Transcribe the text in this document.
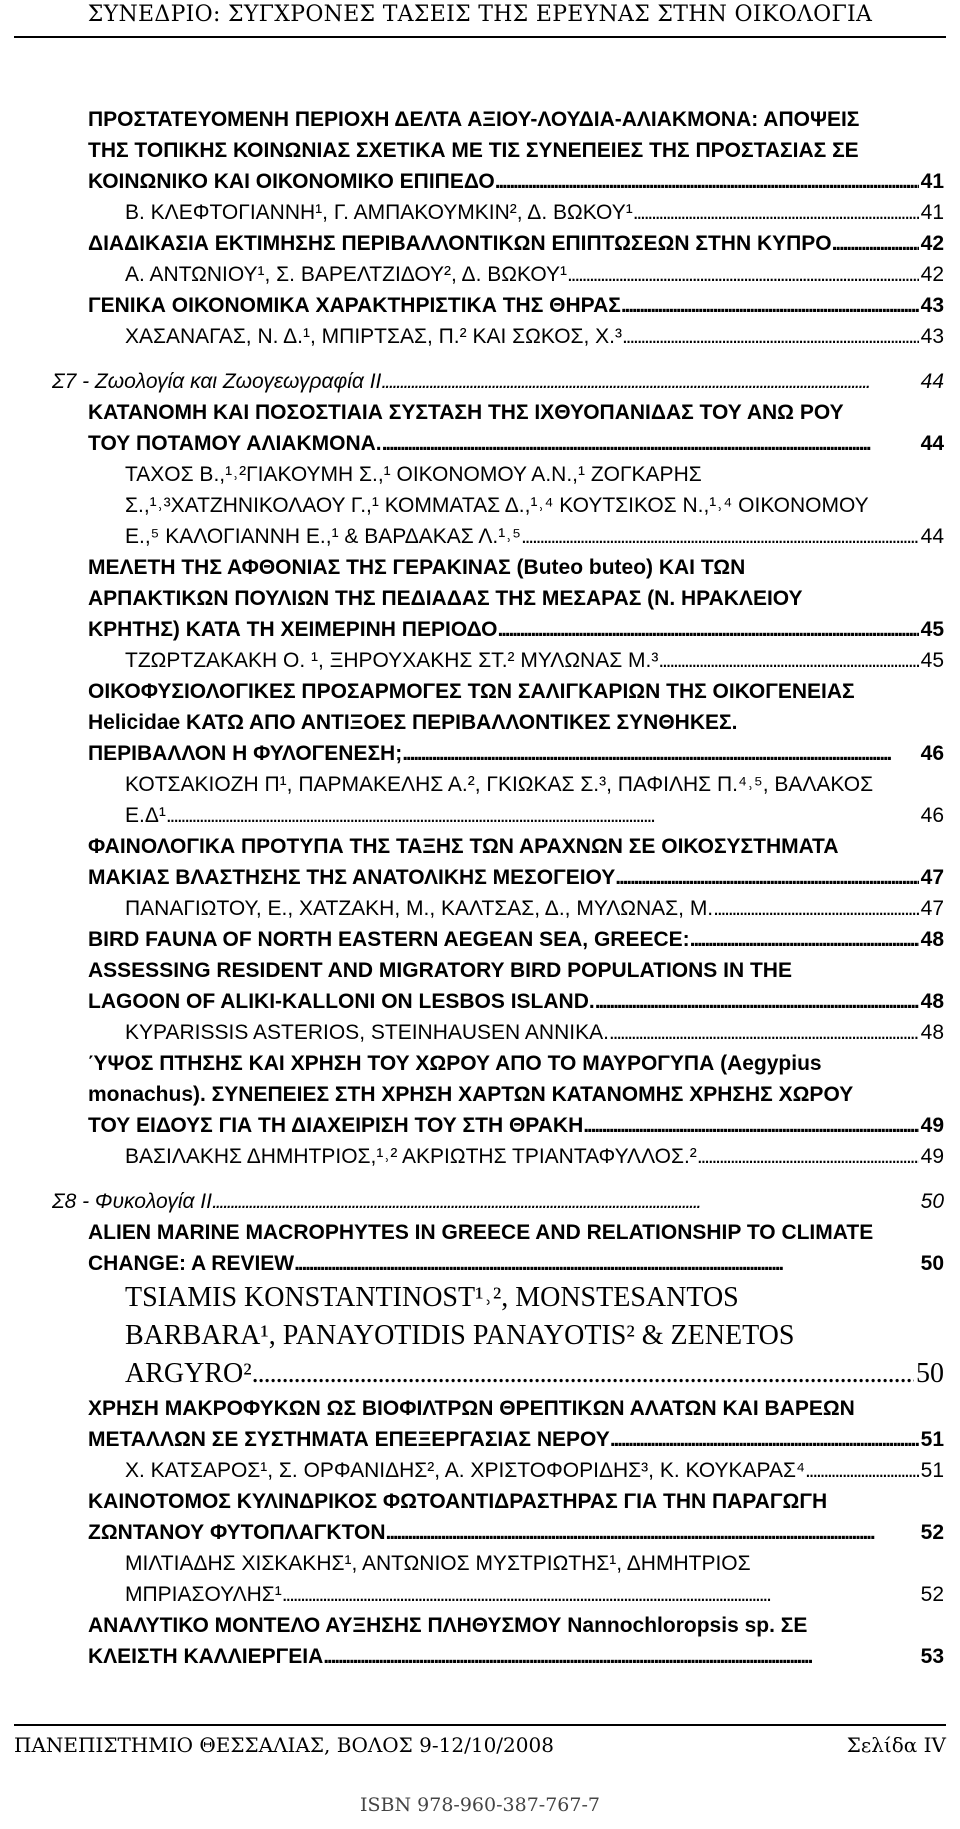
ΣΥΝΕΔΡΙΟ: ΣΥΓΧΡΟΝΕΣ ΤΑΣΕΙΣ ΤΗΣ ΕΡΕΥΝΑΣ ΣΤΗΝ ΟΙΚΟΛΟΓΙΑ
ΠΡΟΣΤΑΤΕΥΟΜΕΝΗ ΠΕΡΙΟΧΗ ΔΕΛΤΑ ΑΞΙΟΥ-ΛΟΥΔΙΑ-ΑΛΙΑΚΜΟΝΑ: ΑΠΟΨΕΙΣ
ΤΗΣ ΤΟΠΙΚΗΣ ΚΟΙΝΩΝΙΑΣ ΣΧΕΤΙΚΑ ΜΕ ΤΙΣ ΣΥΝΕΠΕΙΕΣ ΤΗΣ ΠΡΟΣΤΑΣΙΑΣ ΣΕ
ΚΟΙΝΩΝΙΚΟ ΚΑΙ ΟΙΚΟΝΟΜΙΚΟ ΕΠΙΠΕΔΟ . . .	41
Β. ΚΛΕΦΤΟΓΙΑΝΝΗ¹, Γ. ΑΜΠΑΚΟΥΜΚΙΝ², Δ. ΒΩΚΟΥ¹ . . .	41
ΔΙΑΔΙΚΑΣΙΑ ΕΚΤΙΜΗΣΗΣ ΠΕΡΙΒΑΛΛΟΝΤΙΚΩΝ ΕΠΙΠΤΩΣΕΩΝ ΣΤΗΝ ΚΥΠΡΟ . . .	42
Α. ΑΝΤΩΝΙΟΥ¹, Σ. ΒΑΡΕΛΤΖΙΔΟΥ², Δ. ΒΩΚΟΥ¹ . . .	42
ΓΕΝΙΚΑ ΟΙΚΟΝΟΜΙΚΑ ΧΑΡΑΚΤΗΡΙΣΤΙΚΑ ΤΗΣ ΘΗΡΑΣ . . .	43
ΧΑΣΑΝΑΓΑΣ, Ν. Δ.¹, ΜΠΙΡΤΣΑΣ, Π.² ΚΑΙ ΣΩΚΟΣ, Χ.³ . . .	43
Σ7 - Ζωολογία και Ζωογεωγραφία ΙΙ . . .	44
ΚΑΤΑΝΟΜΗ ΚΑΙ ΠΟΣΟΣΤΙΑΙΑ ΣΥΣΤΑΣΗ ΤΗΣ ΙΧΘΥΟΠΑΝΙΔΑΣ ΤΟΥ ΑΝΩ ΡΟΥ
ΤΟΥ ΠΟΤΑΜΟΥ ΑΛΙΑΚΜΟΝΑ. . . .	44
ΤΑΧΟΣ Β.,¹˒²ΓΙΑΚΟΥΜΗ Σ.,¹ ΟΙΚΟΝΟΜΟΥ Α.Ν.,¹ ΖΟΓΚΑΡΗΣ
Σ.,¹˒³ΧΑΤΖΗΝΙΚΟΛΑΟΥ Γ.,¹ ΚΟΜΜΑΤΑΣ Δ.,¹˒⁴ ΚΟΥΤΣΙΚΟΣ Ν.,¹˒⁴ ΟΙΚΟΝΟΜΟΥ
Ε.,⁵ ΚΑΛΟΓΙΑΝΝΗ Ε.,¹ & ΒΑΡΔΑΚΑΣ Λ.¹˒⁵ . . .	44
ΜΕΛΕΤΗ ΤΗΣ ΑΦΘΟΝΙΑΣ ΤΗΣ ΓΕΡΑΚΙΝΑΣ (Buteo buteo) ΚΑΙ ΤΩΝ
ΑΡΠΑΚΤΙΚΩΝ ΠΟΥΛΙΩΝ ΤΗΣ ΠΕΔΙΑΔΑΣ ΤΗΣ ΜΕΣΑΡΑΣ (Ν. ΗΡΑΚΛΕΙΟΥ
ΚΡΗΤΗΣ) ΚΑΤΑ ΤΗ ΧΕΙΜΕΡΙΝΗ ΠΕΡΙΟΔΟ . . .	45
ΤΖΩΡΤΖΑΚΑΚΗ Ο. ¹, ΞΗΡΟΥΧΑΚΗΣ ΣΤ.² ΜΥΛΩΝΑΣ Μ.³ . . .	45
ΟΙΚΟΦΥΣΙΟΛΟΓΙΚΕΣ ΠΡΟΣΑΡΜΟΓΕΣ ΤΩΝ ΣΑΛΙΓΚΑΡΙΩΝ ΤΗΣ ΟΙΚΟΓΕΝΕΙΑΣ
Helicidae ΚΑΤΩ ΑΠΟ ΑΝΤΙΞΟΕΣ ΠΕΡΙΒΑΛΛΟΝΤΙΚΕΣ ΣΥΝΘΗΚΕΣ.
ΠΕΡΙΒΑΛΛΟΝ Η ΦΥΛΟΓΕΝΕΣΗ; . . .	46
ΚΟΤΣΑΚΙΟΖΗ Π¹, ΠΑΡΜΑΚΕΛΗΣ Α.², ΓΚΙΩΚΑΣ Σ.³, ΠΑΦΙΛΗΣ Π.⁴˒⁵, ΒΑΛΑΚΟΣ
Ε.Δ¹ . . .	46
ΦΑΙΝΟΛΟΓΙΚΑ ΠΡΟΤΥΠΑ ΤΗΣ ΤΑΞΗΣ ΤΩΝ ΑΡΑΧΝΩΝ ΣΕ ΟΙΚΟΣΥΣΤΗΜΑΤΑ
ΜΑΚΙΑΣ ΒΛΑΣΤΗΣΗΣ ΤΗΣ ΑΝΑΤΟΛΙΚΗΣ ΜΕΣΟΓΕΙΟΥ . . .	47
ΠΑΝΑΓΙΩΤΟΥ, Ε., ΧΑΤΖΑΚΗ, Μ., ΚΑΛΤΣΑΣ, Δ., ΜΥΛΩΝΑΣ, Μ. . . .	47
BIRD FAUNA OF NORTH EASTERN AEGEAN SEA, GREECE: . . .	48
ASSESSING RESIDENT AND MIGRATORY BIRD POPULATIONS IN THE
LAGOON OF ALIKI-KALLONI ON LESBOS ISLAND. . . .	48
KYPARISSIS ASTERIOS, STEINHAUSEN ANNIKA. . . .	48
ΎΨΟΣ ΠΤΗΣΗΣ ΚΑΙ ΧΡΗΣΗ ΤΟΥ ΧΩΡΟΥ ΑΠΟ ΤΟ ΜΑΥΡΟΓΥΠΑ (Aegypius
monachus). ΣΥΝΕΠΕΙΕΣ ΣΤΗ ΧΡΗΣΗ ΧΑΡΤΩΝ ΚΑΤΑΝΟΜΗΣ ΧΡΗΣΗΣ ΧΩΡΟΥ
ΤΟΥ ΕΙΔΟΥΣ ΓΙΑ ΤΗ ΔΙΑΧΕΙΡΙΣΗ ΤΟΥ ΣΤΗ ΘΡΑΚΗ . . .	49
ΒΑΣΙΛΑΚΗΣ ΔΗΜΗΤΡΙΟΣ,¹˒² ΑΚΡΙΩΤΗΣ ΤΡΙΑΝΤΑΦΥΛΛΟΣ.² . . .	49
Σ8 - Φυκολογία ΙΙ . . .	50
ALIEN MARINE MACROPHYTES IN GREECE AND RELATIONSHIP TO CLIMATE
CHANGE: A REVIEW . . .	50
TSIAMIS KONSTANTINOST¹˒², MONSTESANTOS
BARBARA¹, PANAYOTIDIS PANAYOTIS² & ZENETOS
ARGYRO² . . .	50
ΧΡΗΣΗ ΜΑΚΡΟΦΥΚΩΝ ΩΣ ΒΙΟΦΙΛΤΡΩΝ ΘΡΕΠΤΙΚΩΝ ΑΛΑΤΩΝ ΚΑΙ ΒΑΡΕΩΝ
ΜΕΤΑΛΛΩΝ ΣΕ ΣΥΣΤΗΜΑΤΑ ΕΠΕΞΕΡΓΑΣΙΑΣ ΝΕΡΟΥ . . .	51
Χ. ΚΑΤΣΑΡΟΣ¹, Σ. ΟΡΦΑΝΙΔΗΣ², Α. ΧΡΙΣΤΟΦΟΡΙΔΗΣ³, Κ. ΚΟΥΚΑΡΑΣ⁴ . . .	51
ΚΑΙΝΟΤΟΜΟΣ ΚΥΛΙΝΔΡΙΚΟΣ ΦΩΤΟΑΝΤΙΔΡΑΣΤΗΡΑΣ ΓΙΑ ΤΗΝ ΠΑΡΑΓΩΓΗ
ΖΩΝΤΑΝΟΥ ΦΥΤΟΠΛΑΓΚΤΟΝ . . .	52
ΜΙΛΤΙΑΔΗΣ ΧΙΣΚΑΚΗΣ¹, ΑΝΤΩΝΙΟΣ ΜΥΣΤΡΙΩΤΗΣ¹, ΔΗΜΗΤΡΙΟΣ
ΜΠΡΙΑΣΟΥΛΗΣ¹ . . .	52
ΑΝΑΛΥΤΙΚΟ ΜΟΝΤΕΛΟ ΑΥΞΗΣΗΣ ΠΛΗΘΥΣΜΟΥ Nannochloropsis sp. ΣΕ
ΚΛΕΙΣΤΗ ΚΑΛΛΙΕΡΓΕΙΑ . . .	53
ΠΑΝΕΠΙΣΤΗΜΙΟ ΘΕΣΣΑΛΙΑΣ, ΒΟΛΟΣ 9-12/10/2008	Σελίδα IV
ISBN 978-960-387-767-7
